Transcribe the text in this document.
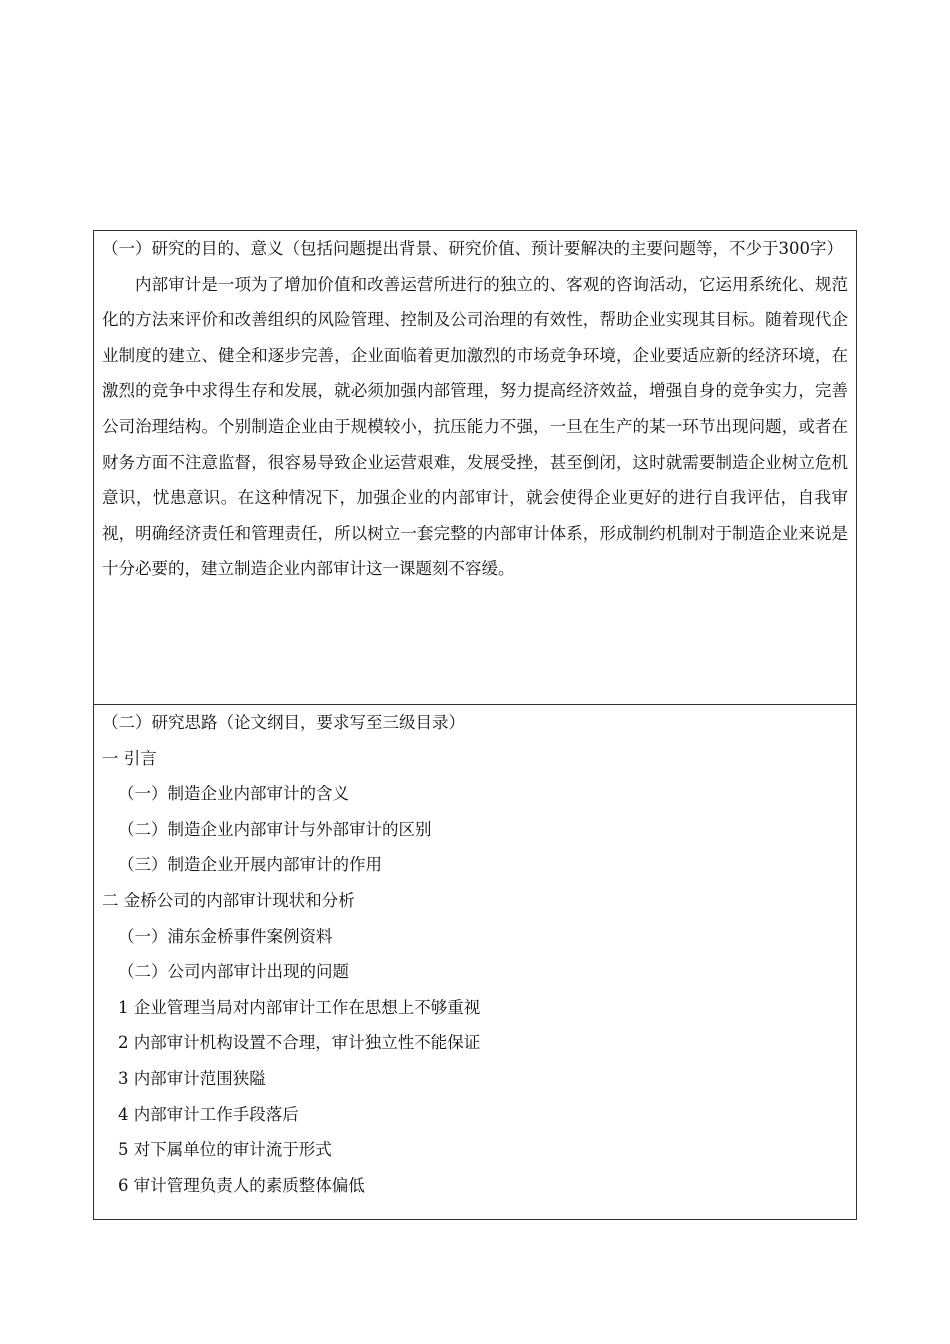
（一）研究的目的、意义（包括问题提出背景、研究价值、预计要解决的主要问题等，不少于300字）
内部审计是一项为了增加价值和改善运营所进行的独立的、客观的咨询活动，它运用系统化、规范化的方法来评价和改善组织的风险管理、控制及公司治理的有效性，帮助企业实现其目标。随着现代企业制度的建立、健全和逐步完善，企业面临着更加激烈的市场竞争环境，企业要适应新的经济环境，在激烈的竞争中求得生存和发展，就必须加强内部管理，努力提高经济效益，增强自身的竞争实力，完善公司治理结构。个别制造企业由于规模较小，抗压能力不强，一旦在生产的某一环节出现问题，或者在财务方面不注意监督，很容易导致企业运营艰难，发展受挫，甚至倒闭，这时就需要制造企业树立危机意识，忧患意识。在这种情况下，加强企业的内部审计，就会使得企业更好的进行自我评估，自我审视，明确经济责任和管理责任，所以树立一套完整的内部审计体系，形成制约机制对于制造企业来说是十分必要的，建立制造企业内部审计这一课题刻不容缓。
（二）研究思路（论文纲目，要求写至三级目录）
一 引言
（一）制造企业内部审计的含义
（二）制造企业内部审计与外部审计的区别
（三）制造企业开展内部审计的作用
二 金桥公司的内部审计现状和分析
（一）浦东金桥事件案例资料
（二）公司内部审计出现的问题
1 企业管理当局对内部审计工作在思想上不够重视
2 内部审计机构设置不合理，审计独立性不能保证
3 内部审计范围狭隘
4 内部审计工作手段落后
5 对下属单位的审计流于形式
6 审计管理负责人的素质整体偏低
